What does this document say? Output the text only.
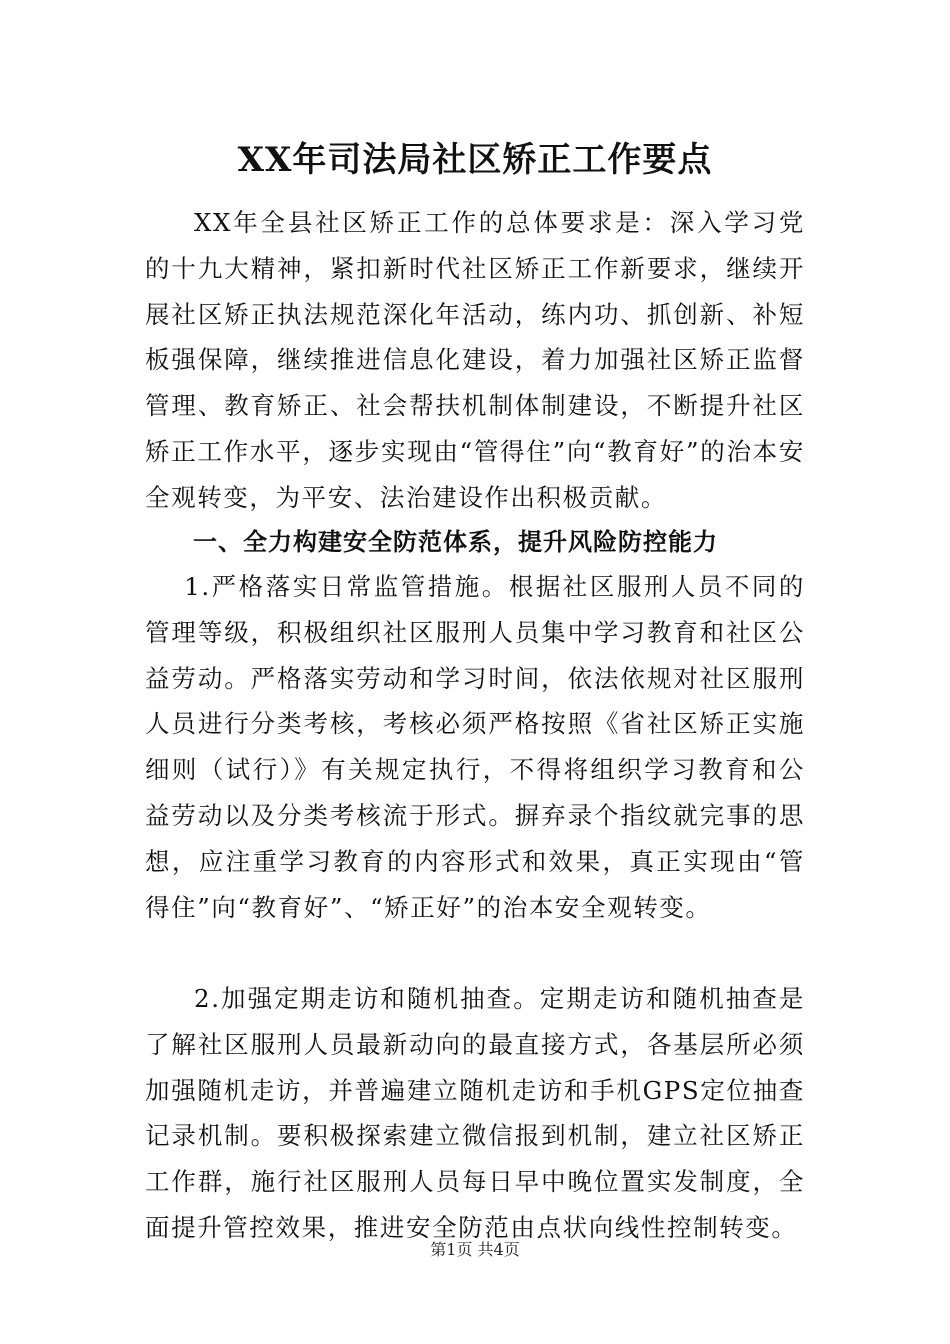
XX年司法局社区矫正工作要点

XX年全县社区矫正工作的总体要求是：深入学习党的十九大精神，紧扣新时代社区矫正工作新要求，继续开展社区矫正执法规范深化年活动，练内功、抓创新、补短板强保障，继续推进信息化建设，着力加强社区矫正监督管理、教育矫正、社会帮扶机制体制建设，不断提升社区矫正工作水平，逐步实现由“管得住”向“教育好”的治本安全观转变，为平安、法治建设作出积极贡献。

一、全力构建安全防范体系，提升风险防控能力

1.严格落实日常监管措施。根据社区服刑人员不同的管理等级，积极组织社区服刑人员集中学习教育和社区公益劳动。严格落实劳动和学习时间，依法依规对社区服刑人员进行分类考核，考核必须严格按照《省社区矫正实施细则（试行）》有关规定执行，不得将组织学习教育和公益劳动以及分类考核流于形式。摒弃录个指纹就完事的思想，应注重学习教育的内容形式和效果，真正实现由“管得住”向“教育好”、“矫正好”的治本安全观转变。

2.加强定期走访和随机抽查。定期走访和随机抽查是了解社区服刑人员最新动向的最直接方式，各基层所必须加强随机走访，并普遍建立随机走访和手机GPS定位抽查记录机制。要积极探索建立微信报到机制，建立社区矫正工作群，施行社区服刑人员每日早中晚位置实发制度，全面提升管控效果，推进安全防范由点状向线性控制转变。

第1页 共4页
